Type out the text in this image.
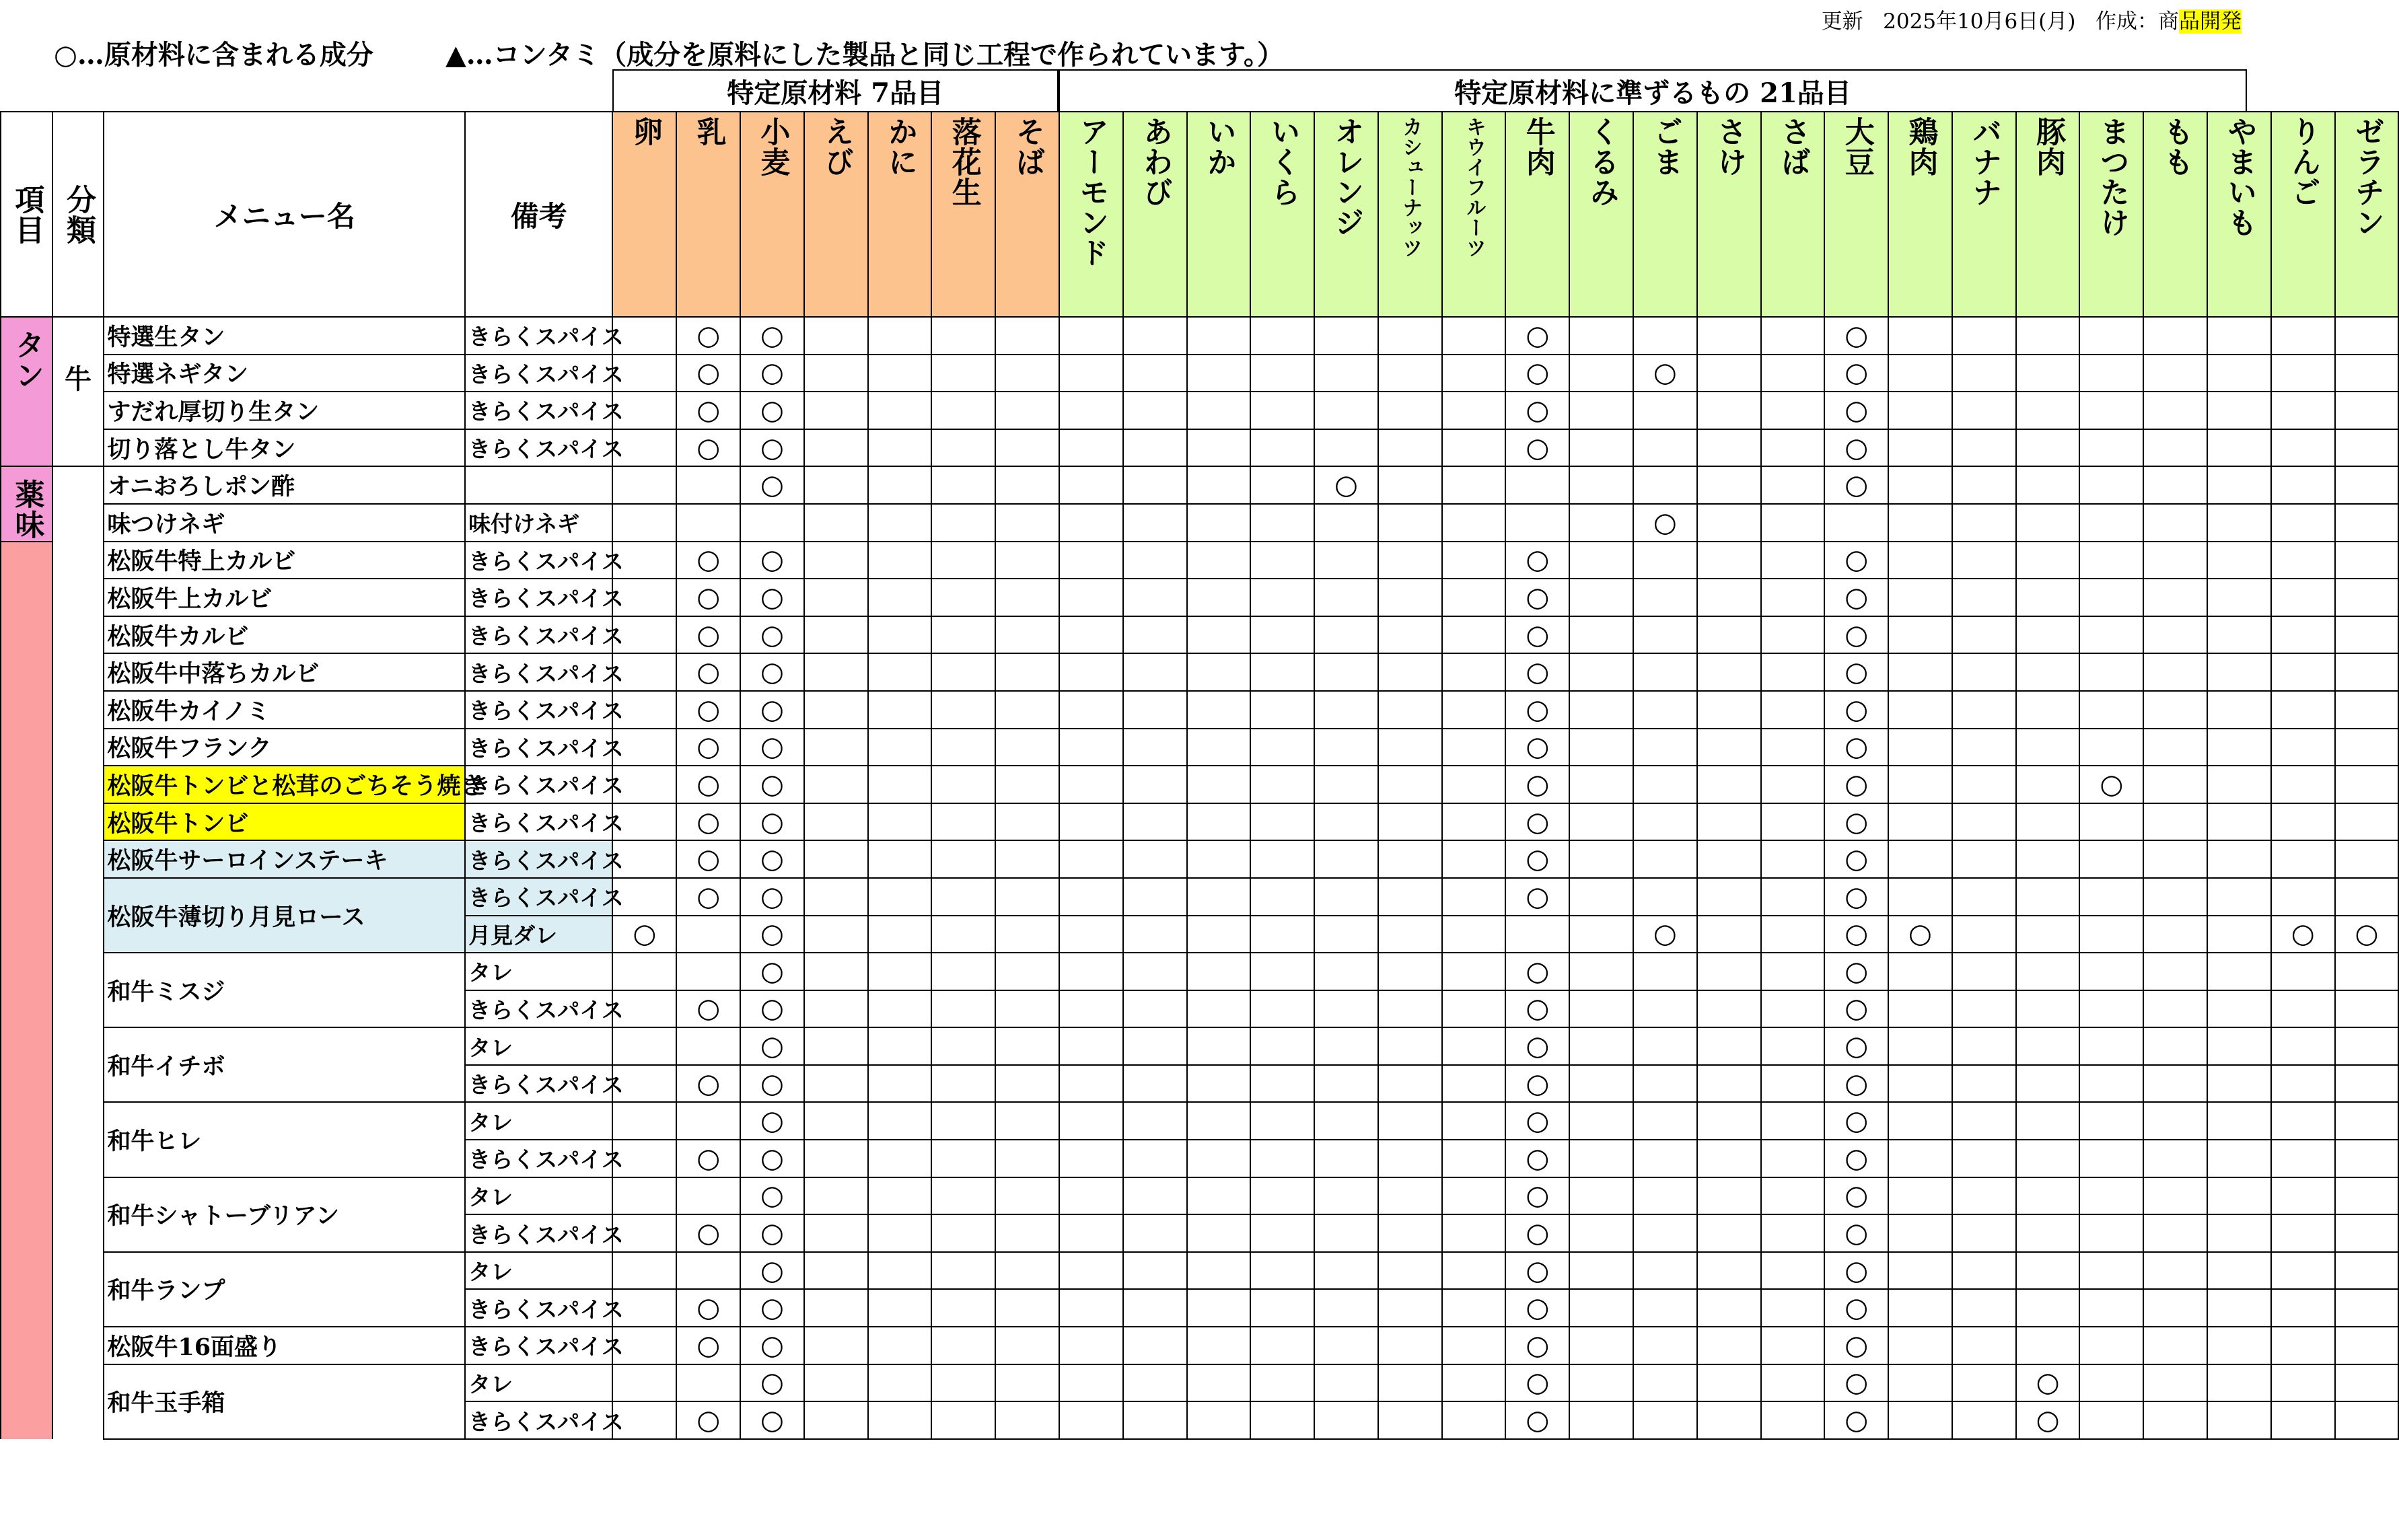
更新 2025年10月6日(月) 作成：商品開発
○…原材料に含まれる成分	▲…コンタミ（成分を原料にした製品と同じ工程で作られています。）
特定原材料 7品目	特定原材料に準ずるもの 21品目
項目	分類	メニュー名	備考	卵	乳	小麦	えび	かに	落花生	そば	アーモンド	あわび	いか	いくら	オレンジ	カシューナッツ	キウイフルーツ	牛肉	くるみ	ごま	さけ	さば	大豆	鶏肉	バナナ	豚肉	まつたけ	もも	やまいも	りんご	ゼラチン

タン	牛	特選生タン	きらくスパイス		○	○												○					○								
		特選ネギタン	きらくスパイス		○	○												○		○			○								
		すだれ厚切り生タン	きらくスパイス		○	○												○					○								
		切り落とし牛タン	きらくスパイス		○	○												○					○								

薬味		オニおろしポン酢				○									○								○								
		味つけネギ	味付けネギ																	○											
		松阪牛特上カルビ	きらくスパイス		○	○												○					○								
		松阪牛上カルビ	きらくスパイス		○	○												○					○								
		松阪牛カルビ	きらくスパイス		○	○												○					○								
		松阪牛中落ちカルビ	きらくスパイス		○	○												○					○								
		松阪牛カイノミ	きらくスパイス		○	○												○					○								
		松阪牛フランク	きらくスパイス		○	○												○					○								
		松阪牛トンビと松茸のごちそう焼き	きらくスパイス		○	○												○					○				○				
		松阪牛トンビ	きらくスパイス		○	○												○					○								
		松阪牛サーロインステーキ	きらくスパイス		○	○												○					○								
		松阪牛薄切り月見ロース	きらくスパイス		○	○												○					○								
			月見ダレ	○		○														○			○	○						○	○
		和牛ミスジ	タレ			○												○					○								
			きらくスパイス		○	○												○					○								
		和牛イチボ	タレ			○												○					○								
			きらくスパイス		○	○												○					○								
		和牛ヒレ	タレ			○												○					○								
			きらくスパイス		○	○												○					○								
		和牛シャトーブリアン	タレ			○												○					○								
			きらくスパイス		○	○												○					○								
		和牛ランプ	タレ			○												○					○								
			きらくスパイス		○	○												○					○								
		松阪牛16面盛り	きらくスパイス		○	○												○					○								
		和牛玉手箱	タレ			○												○					○			○					
			きらくスパイス		○	○												○					○			○					
